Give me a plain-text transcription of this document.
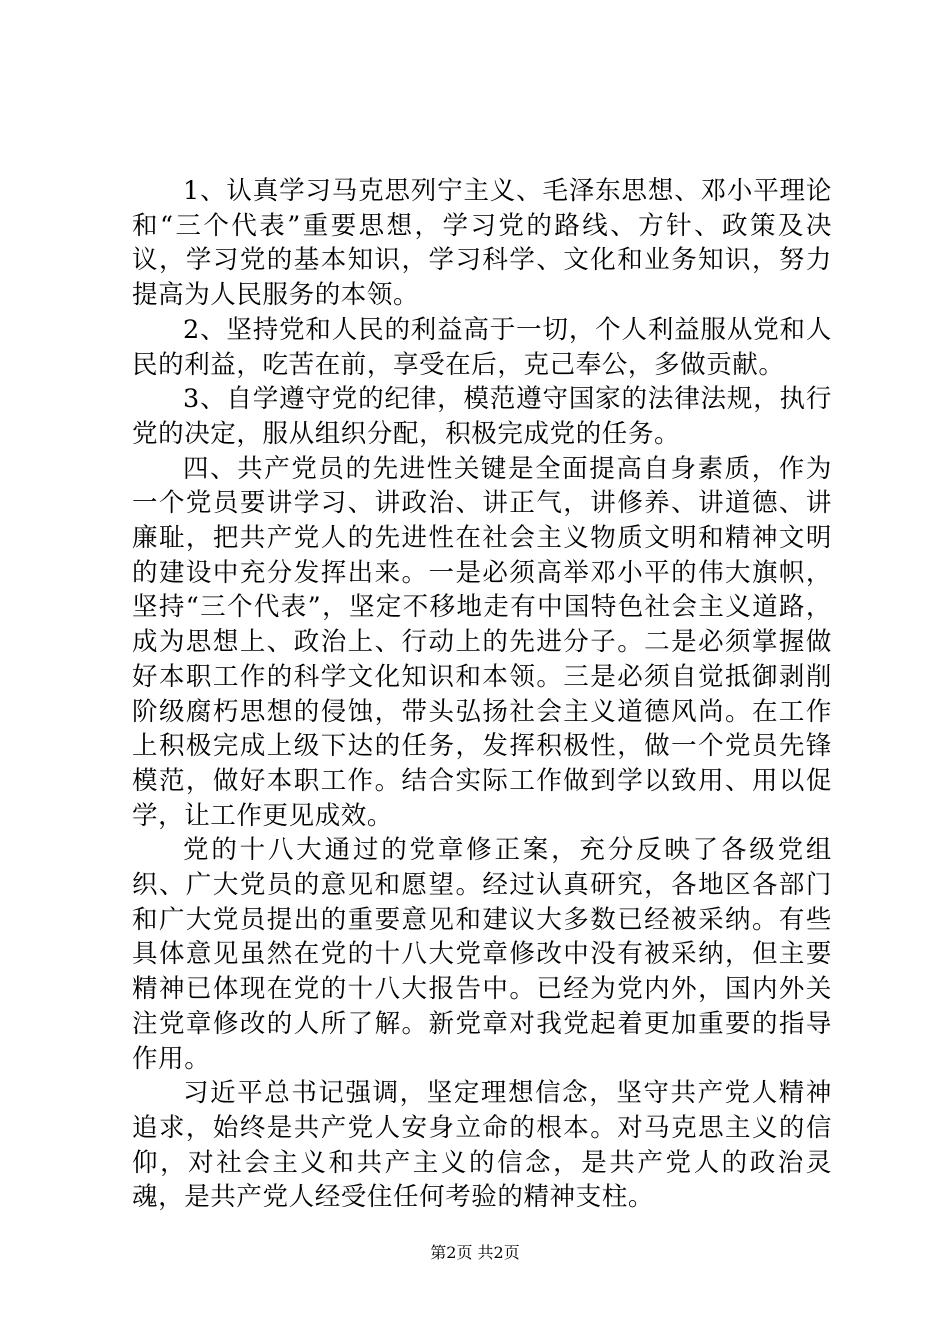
1、认真学习马克思列宁主义、毛泽东思想、邓小平理论和“三个代表”重要思想，学习党的路线、方针、政策及决议，学习党的基本知识，学习科学、文化和业务知识，努力提高为人民服务的本领。

2、坚持党和人民的利益高于一切，个人利益服从党和人民的利益，吃苦在前，享受在后，克己奉公，多做贡献。

3、自学遵守党的纪律，模范遵守国家的法律法规，执行党的决定，服从组织分配，积极完成党的任务。

四、共产党员的先进性关键是全面提高自身素质，作为一个党员要讲学习、讲政治、讲正气，讲修养、讲道德、讲廉耻，把共产党人的先进性在社会主义物质文明和精神文明的建设中充分发挥出来。一是必须高举邓小平的伟大旗帜，坚持“三个代表”，坚定不移地走有中国特色社会主义道路，成为思想上、政治上、行动上的先进分子。二是必须掌握做好本职工作的科学文化知识和本领。三是必须自觉抵御剥削阶级腐朽思想的侵蚀，带头弘扬社会主义道德风尚。在工作上积极完成上级下达的任务，发挥积极性，做一个党员先锋模范，做好本职工作。结合实际工作做到学以致用、用以促学，让工作更见成效。

党的十八大通过的党章修正案，充分反映了各级党组织、广大党员的意见和愿望。经过认真研究，各地区各部门和广大党员提出的重要意见和建议大多数已经被采纳。有些具体意见虽然在党的十八大党章修改中没有被采纳，但主要精神已体现在党的十八大报告中。已经为党内外，国内外关注党章修改的人所了解。新党章对我党起着更加重要的指导作用。

习近平总书记强调，坚定理想信念，坚守共产党人精神追求，始终是共产党人安身立命的根本。对马克思主义的信仰，对社会主义和共产主义的信念，是共产党人的政治灵魂，是共产党人经受住任何考验的精神支柱。

第2页 共2页
